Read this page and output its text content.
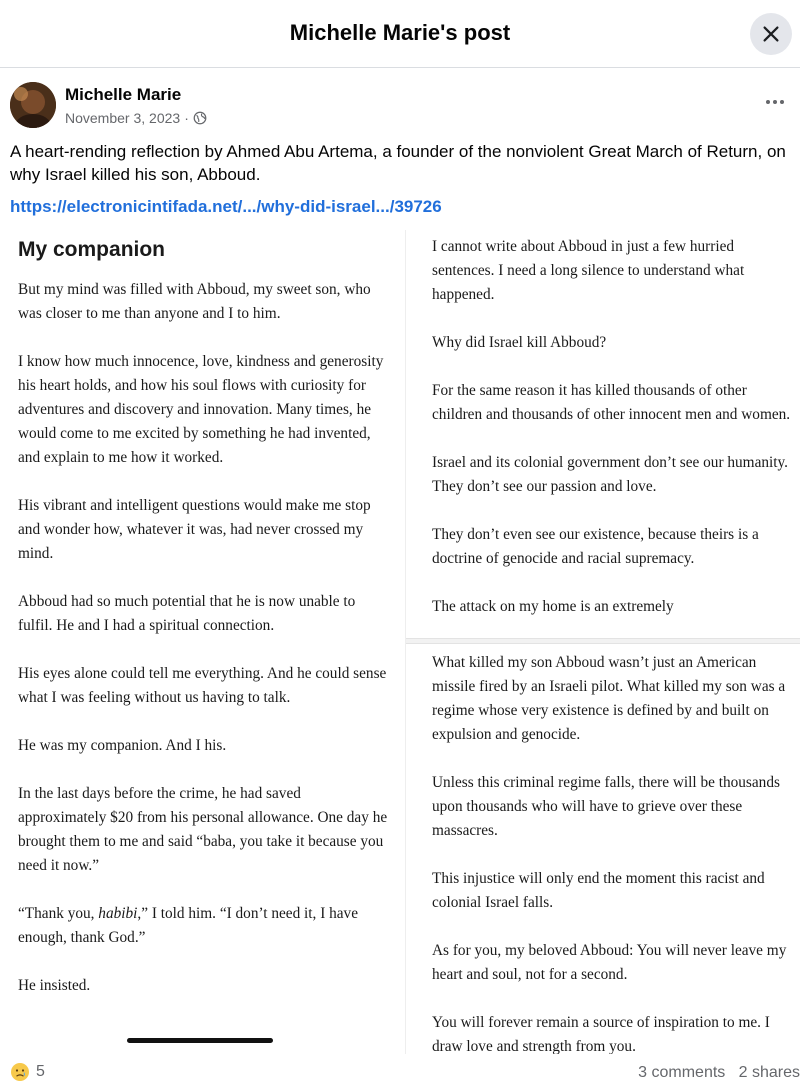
Michelle Marie's post
Michelle Marie
November 3, 2023 ·
A heart-rending reflection by Ahmed Abu Artema, a founder of the nonviolent Great March of Return, on why Israel killed his son, Abboud.
https://electronicintifada.net/.../why-did-israel.../39726
My companion

But my mind was filled with Abboud, my sweet son, who was closer to me than anyone and I to him.

I know how much innocence, love, kindness and generosity his heart holds, and how his soul flows with curiosity for adventures and discovery and innovation. Many times, he would come to me excited by something he had invented, and explain to me how it worked.

His vibrant and intelligent questions would make me stop and wonder how, whatever it was, had never crossed my mind.

Abboud had so much potential that he is now unable to fulfil. He and I had a spiritual connection.

His eyes alone could tell me everything. And he could sense what I was feeling without us having to talk.

He was my companion. And I his.

In the last days before the crime, he had saved approximately $20 from his personal allowance. One day he brought them to me and said “baba, you take it because you need it now.”

“Thank you, habibi,” I told him. “I don’t need it, I have enough, thank God.”

He insisted.

I cannot write about Abboud in just a few hurried sentences. I need a long silence to understand what happened.

Why did Israel kill Abboud?

For the same reason it has killed thousands of other children and thousands of other innocent men and women.

Israel and its colonial government don’t see our humanity. They don’t see our passion and love.

They don’t even see our existence, because theirs is a doctrine of genocide and racial supremacy.

The attack on my home is an extremely

What killed my son Abboud wasn’t just an American missile fired by an Israeli pilot. What killed my son was a regime whose very existence is defined by and built on expulsion and genocide.

Unless this criminal regime falls, there will be thousands upon thousands who will have to grieve over these massacres.

This injustice will only end the moment this racist and colonial Israel falls.

As for you, my beloved Abboud: You will never leave my heart and soul, not for a second.

You will forever remain a source of inspiration to me. I draw love and strength from you.

5	3 comments 2 shares
